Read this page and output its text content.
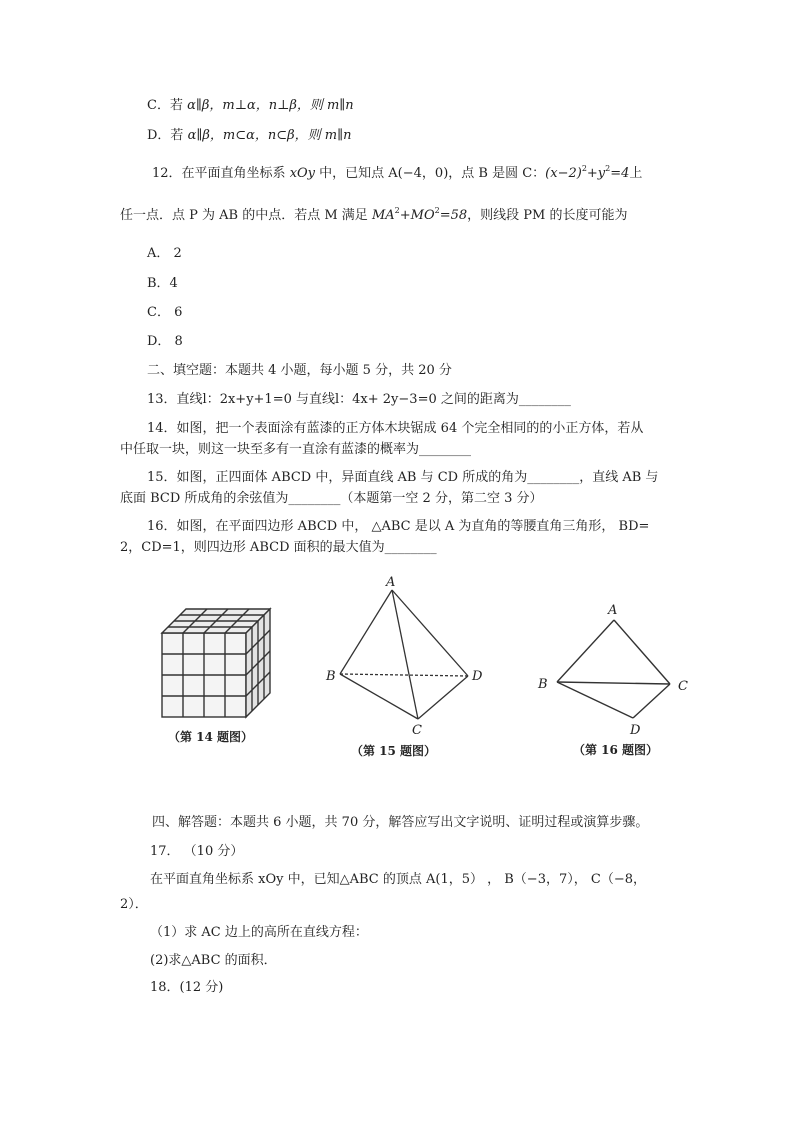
C．若 α∥β，m⊥α，n⊥β，则 m∥n
D．若 α∥β，m⊂α，n⊂β，则 m∥n
12．在平面直角坐标系 xOy 中，已知点 A(−4，0)，点 B 是圆 C：$(x-2)^2+y^2=4$上
任一点．点 P 为 AB 的中点．若点 M 满足 $MA^2+MO^2=58$，则线段 PM 的长度可能为
A． 2
B．4
C． 6
D． 8
二、填空题：本题共 4 小题，每小题 5 分，共 20 分
13．直线l：2x+y+1=0 与直线l：4x+ 2y−3=0 之间的距离为________
14．如图，把一个表面涂有蓝漆的正方体木块锯成 64 个完全相同的的小正方体，若从
中任取一块，则这一块至多有一直涂有蓝漆的概率为________
15．如图，正四面体 ABCD 中，异面直线 AB 与 CD 所成的角为________，直线 AB 与
底面 BCD 所成角的余弦值为________（本题第一空 2 分，第二空 3 分）
16．如图，在平面四边形 ABCD 中， △ABC 是以 A 为直角的等腰直角三角形， BD=
2，CD=1，则四边形 ABCD 面积的最大值为________
（第 14 题图）
A
B	D
C
（第 15 题图）
A
B	C
D
（第 16 题图）
四、解答题：本题共 6 小题，共 70 分，解答应写出文字说明、证明过程或演算步骤。
17． （10 分）
在平面直角坐标系 xOy 中，已知△ABC 的顶点 A(1，5） ， B（−3，7）， C（−8，
2）．
（1）求 AC 边上的高所在直线方程：
(2)求△ABC 的面积．
18．(12 分)
